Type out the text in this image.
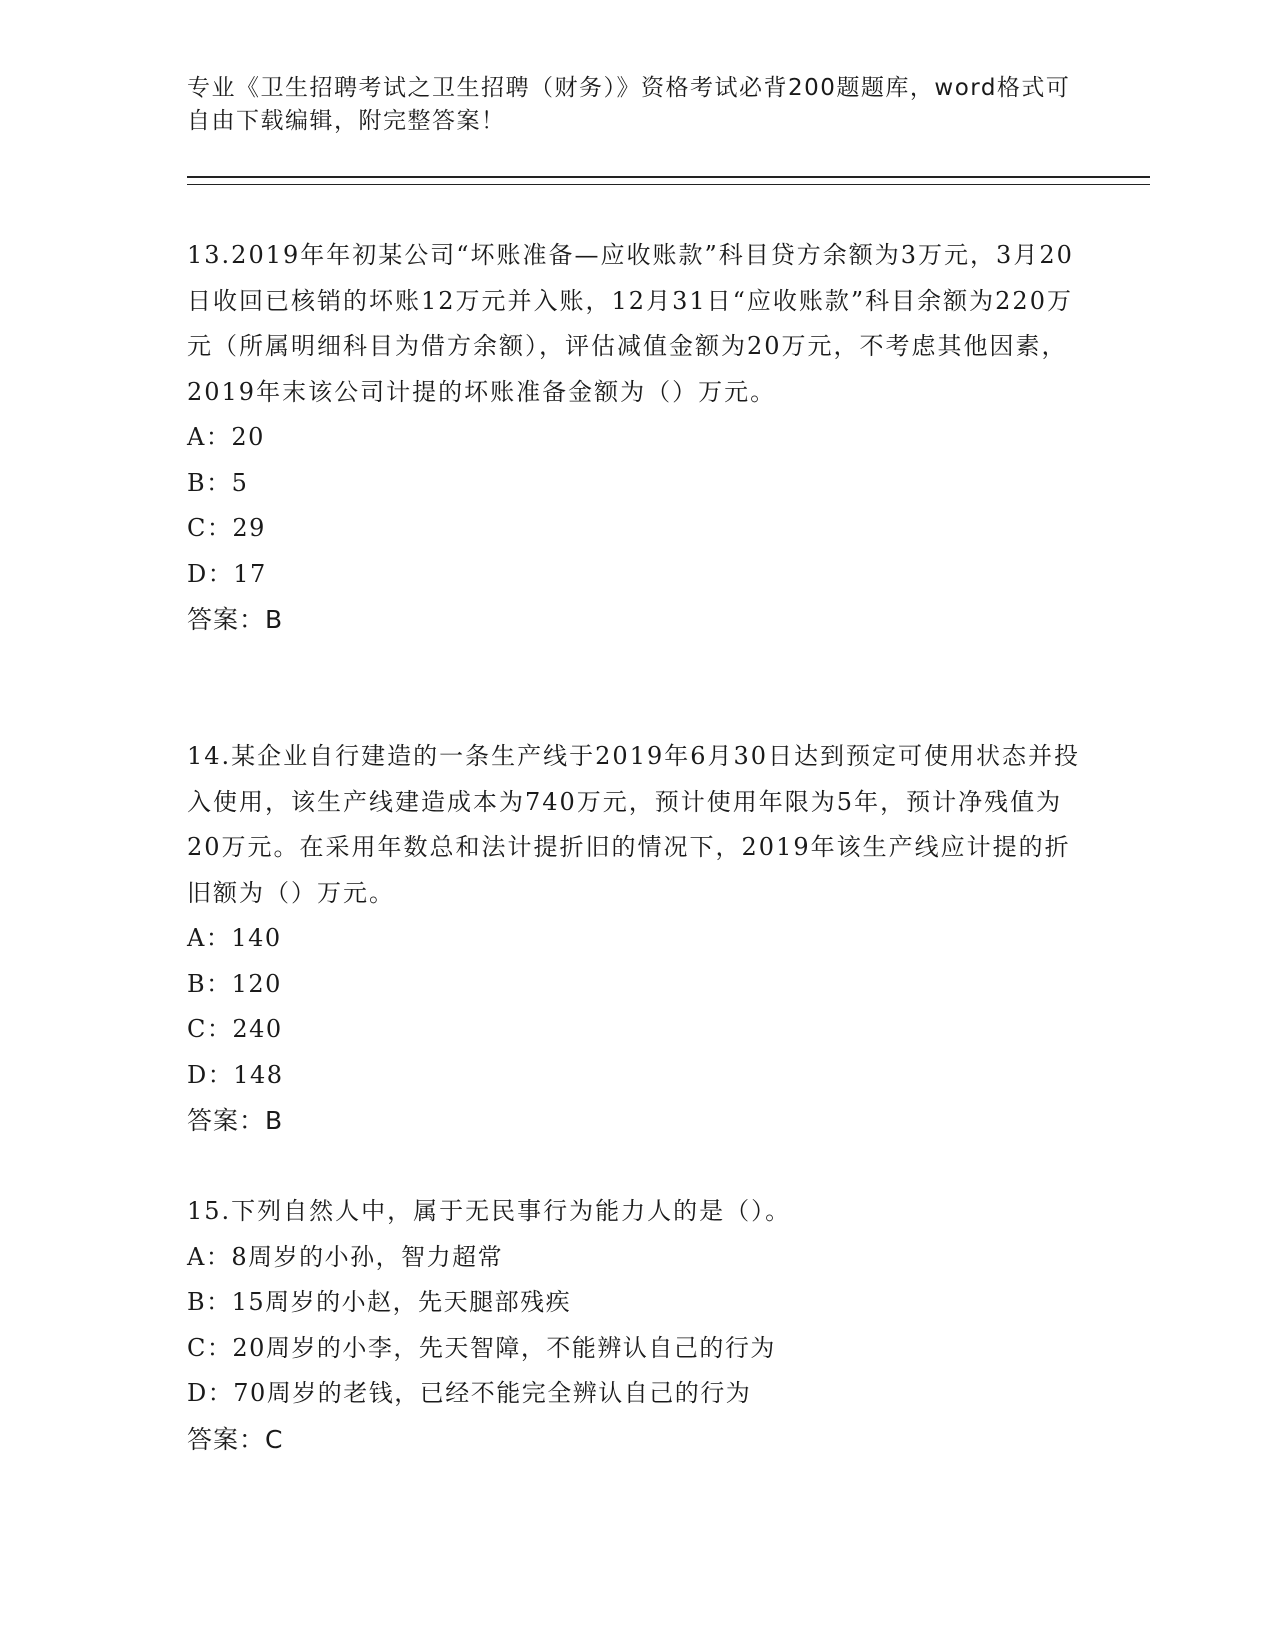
专业《卫生招聘考试之卫生招聘（财务）》资格考试必背200题题库，word格式可自由下载编辑，附完整答案！

13.2019年年初某公司“坏账准备—应收账款”科目贷方余额为3万元，3月20日收回已核销的坏账12万元并入账，12月31日“应收账款”科目余额为220万元（所属明细科目为借方余额），评估减值金额为20万元，不考虑其他因素，2019年末该公司计提的坏账准备金额为（）万元。

A：20

B：5

C：29

D：17

答案：B

14.某企业自行建造的一条生产线于2019年6月30日达到预定可使用状态并投入使用，该生产线建造成本为740万元，预计使用年限为5年，预计净残值为20万元。在采用年数总和法计提折旧的情况下，2019年该生产线应计提的折旧额为（）万元。

A：140

B：120

C：240

D：148

答案：B

15.下列自然人中，属于无民事行为能力人的是（）。

A：8周岁的小孙，智力超常

B：15周岁的小赵，先天腿部残疾

C：20周岁的小李，先天智障，不能辨认自己的行为

D：70周岁的老钱，已经不能完全辨认自己的行为

答案：C
